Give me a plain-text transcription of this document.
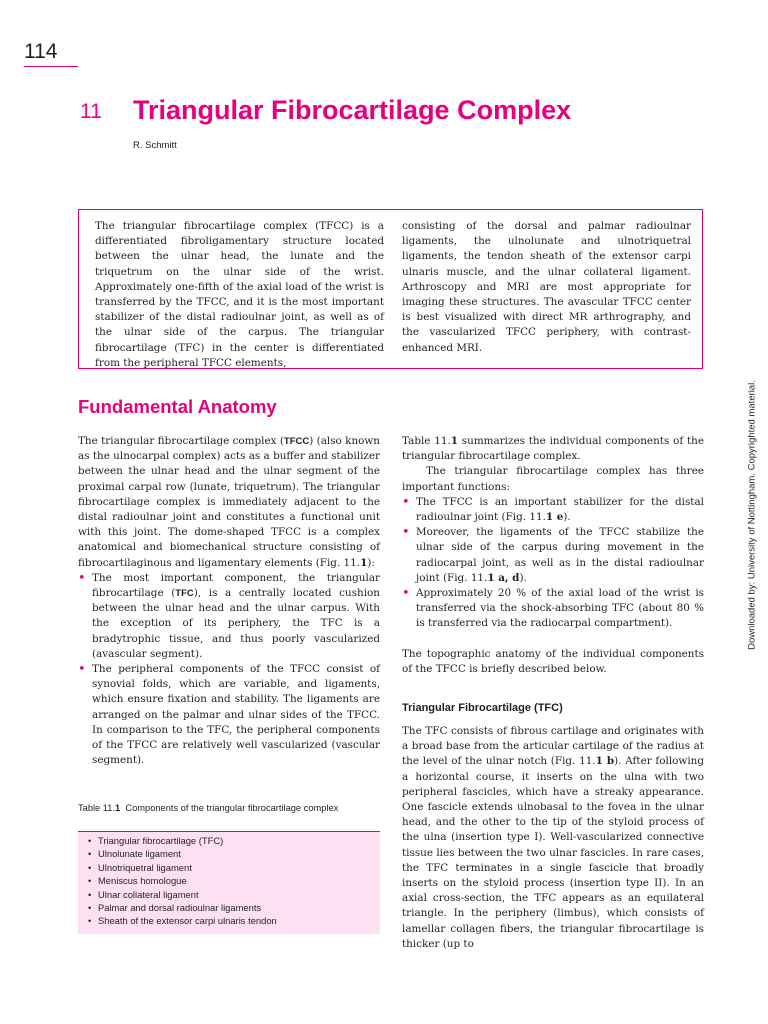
114
11 Triangular Fibrocartilage Complex
R. Schmitt

The triangular fibrocartilage complex (TFCC) is a differentiated fibroligamentary structure located between the ulnar head, the lunate and the triquetrum on the ulnar side of the wrist. Approximately one-fifth of the axial load of the wrist is transferred by the TFCC, and it is the most important stabilizer of the distal radioulnar joint, as well as of the ulnar side of the carpus. The triangular fibrocartilage (TFC) in the center is differentiated from the peripheral TFCC elements,

consisting of the dorsal and palmar radioulnar ligaments, the ulnolunate and ulnotriquetral ligaments, the tendon sheath of the extensor carpi ulnaris muscle, and the ulnar collateral ligament. Arthroscopy and MRI are most appropriate for imaging these structures. The avascular TFCC center is best visualized with direct MR arthrography, and the vascularized TFCC periphery, with contrast-enhanced MRI.

Fundamental Anatomy

The triangular fibrocartilage complex (TFCC) (also known as the ulnocarpal complex) acts as a buffer and stabilizer between the ulnar head and the ulnar segment of the proximal carpal row (lunate, triquetrum). The triangular fibrocartilage complex is immediately adjacent to the distal radioulnar joint and constitutes a functional unit with this joint. The dome-shaped TFCC is a complex anatomical and biomechanical structure consisting of fibrocartilaginous and ligamentary elements (Fig. 11.1):

• The most important component, the triangular fibrocartilage (TFC), is a centrally located cushion between the ulnar head and the ulnar carpus. With the exception of its periphery, the TFC is a bradytrophic tissue, and thus poorly vascularized (avascular segment).

• The peripheral components of the TFCC consist of synovial folds, which are variable, and ligaments, which ensure fixation and stability. The ligaments are arranged on the palmar and ulnar sides of the TFCC. In comparison to the TFC, the peripheral components of the TFCC are relatively well vascularized (vascular segment).

Table 11.1 Components of the triangular fibrocartilage complex
• Triangular fibrocartilage (TFC)
• Ulnolunate ligament
• Ulnotriquetral ligament
• Meniscus homologue
• Ulnar collateral ligament
• Palmar and dorsal radioulnar ligaments
• Sheath of the extensor carpi ulnaris tendon

Table 11.1 summarizes the individual components of the triangular fibrocartilage complex.

The triangular fibrocartilage complex has three important functions:

• The TFCC is an important stabilizer for the distal radioulnar joint (Fig. 11.1 e).

• Moreover, the ligaments of the TFCC stabilize the ulnar side of the carpus during movement in the radiocarpal joint, as well as in the distal radioulnar joint (Fig. 11.1 a, d).

• Approximately 20 % of the axial load of the wrist is transferred via the shock-absorbing TFC (about 80 % is transferred via the radiocarpal compartment).

The topographic anatomy of the individual components of the TFCC is briefly described below.

Triangular Fibrocartilage (TFC)

The TFC consists of fibrous cartilage and originates with a broad base from the articular cartilage of the radius at the level of the ulnar notch (Fig. 11.1 b). After following a horizontal course, it inserts on the ulna with two peripheral fascicles, which have a streaky appearance. One fascicle extends ulnobasal to the fovea in the ulnar head, and the other to the tip of the styloid process of the ulna (insertion type I). Well-vascularized connective tissue lies between the two ulnar fascicles. In rare cases, the TFC terminates in a single fascicle that broadly inserts on the styloid process (insertion type II). In an axial cross-section, the TFC appears as an equilateral triangle. In the periphery (limbus), which consists of lamellar collagen fibers, the triangular fibrocartilage is thicker (up to

Downloaded by: University of Nottingham. Copyrighted material.
